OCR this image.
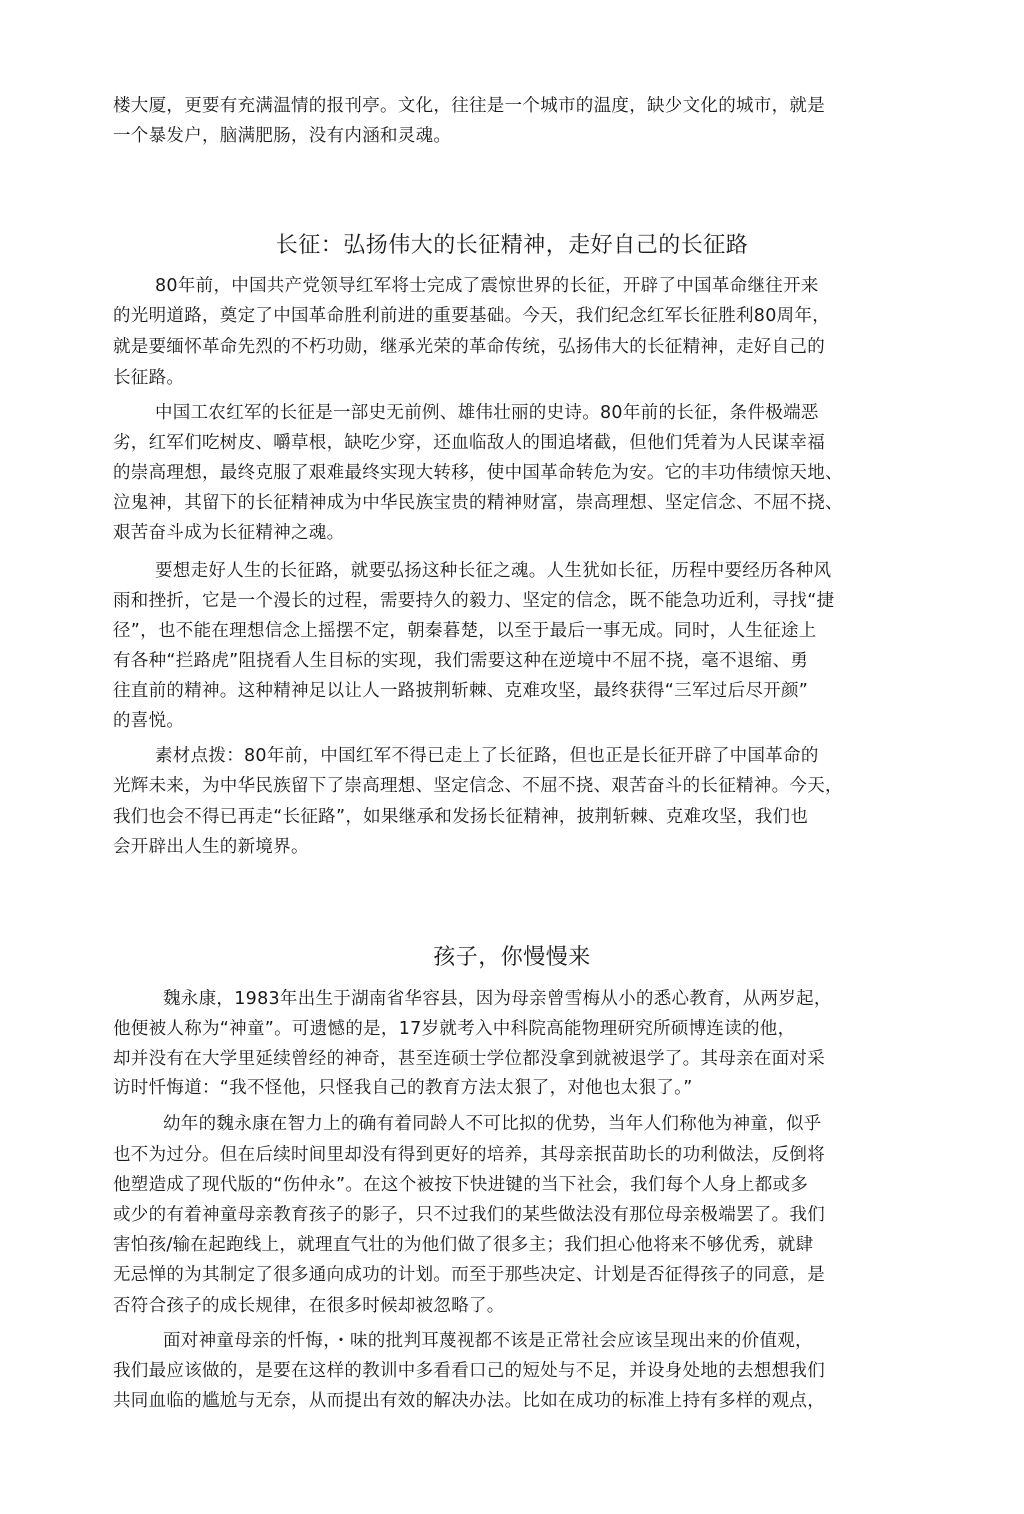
楼大厦，更要有充满温情的报刊亭。文化，往往是一个城市的温度，缺少文化的城市，就是

一个暴发户，脑满肥肠，没有内涵和灵魂。

长征：弘扬伟大的长征精神，走好自己的长征路

80年前，中国共产党领导红军将士完成了震惊世界的长征，开辟了中国革命继往开来

的光明道路，奠定了中国革命胜利前进的重要基础。今天，我们纪念红军长征胜利80周年，

就是要缅怀革命先烈的不朽功勋，继承光荣的革命传统，弘扬伟大的长征精神，走好自己的

长征路。

中国工农红军的长征是一部史无前例、雄伟壮丽的史诗。80年前的长征，条件极端恶

劣，红军们吃树皮、嚼草根，缺吃少穿，还血临敌人的围追堵截，但他们凭着为人民谋幸福

的崇高理想，最终克服了艰难最终实现大转移，使中国革命转危为安。它的丰功伟绩惊天地、

泣鬼神，其留下的长征精神成为中华民族宝贵的精神财富，崇高理想、坚定信念、不屈不挠、

艰苦奋斗成为长征精神之魂。

要想走好人生的长征路，就要弘扬这种长征之魂。人生犹如长征，历程中要经历各种风

雨和挫折，它是一个漫长的过程，需要持久的毅力、坚定的信念，既不能急功近利，寻找“捷

径”，也不能在理想信念上摇摆不定，朝秦暮楚，以至于最后一事无成。同时，人生征途上

有各种“拦路虎”阻挠看人生目标的实现，我们需要这种在逆境中不屈不挠，毫不退缩、勇

往直前的精神。这种精神足以让人一路披荆斩棘、克难攻坚，最终获得“三军过后尽开颜”

的喜悦。

素材点拨：80年前，中国红军不得已走上了长征路，但也正是长征开辟了中国革命的

光辉未来，为中华民族留下了崇高理想、坚定信念、不屈不挠、艰苦奋斗的长征精神。今天，

我们也会不得已再走“长征路”，如果继承和发扬长征精神，披荆斩棘、克难攻坚，我们也

会开辟出人生的新境界。

孩子，你慢慢来

魏永康，1983年出生于湖南省华容县，因为母亲曾雪梅从小的悉心教育，从两岁起，

他便被人称为“神童”。可遗憾的是，17岁就考入中科院高能物理研究所硕博连读的他，

却并没有在大学里延续曾经的神奇，甚至连硕士学位都没拿到就被退学了。其母亲在面对采

访时忏悔道：“我不怪他，只怪我自己的教育方法太狠了，对他也太狠了。”

幼年的魏永康在智力上的确有着同龄人不可比拟的优势，当年人们称他为神童，似乎

也不为过分。但在后续时间里却没有得到更好的培养，其母亲抿苗助长的功利做法，反倒将

他塑造成了现代版的“伤仲永”。在这个被按下快进键的当下社会，我们每个人身上都或多

或少的有着神童母亲教育孩子的影子，只不过我们的某些做法没有那位母亲极端罢了。我们

害怕孩/输在起跑线上，就理直气壮的为他们做了很多主；我们担心他将来不够优秀，就肆

无忌惮的为其制定了很多通向成功的计划。而至于那些决定、计划是否征得孩子的同意，是

否符合孩子的成长规律，在很多时候却被忽略了。

面对神童母亲的忏悔，・味的批判耳蔑视都不该是正常社会应该呈现出来的价值观，

我们最应该做的，是要在这样的教训中多看看口己的短处与不足，并设身处地的去想想我们

共同血临的尴尬与无奈，从而提出有效的解决办法。比如在成功的标准上持有多样的观点，
